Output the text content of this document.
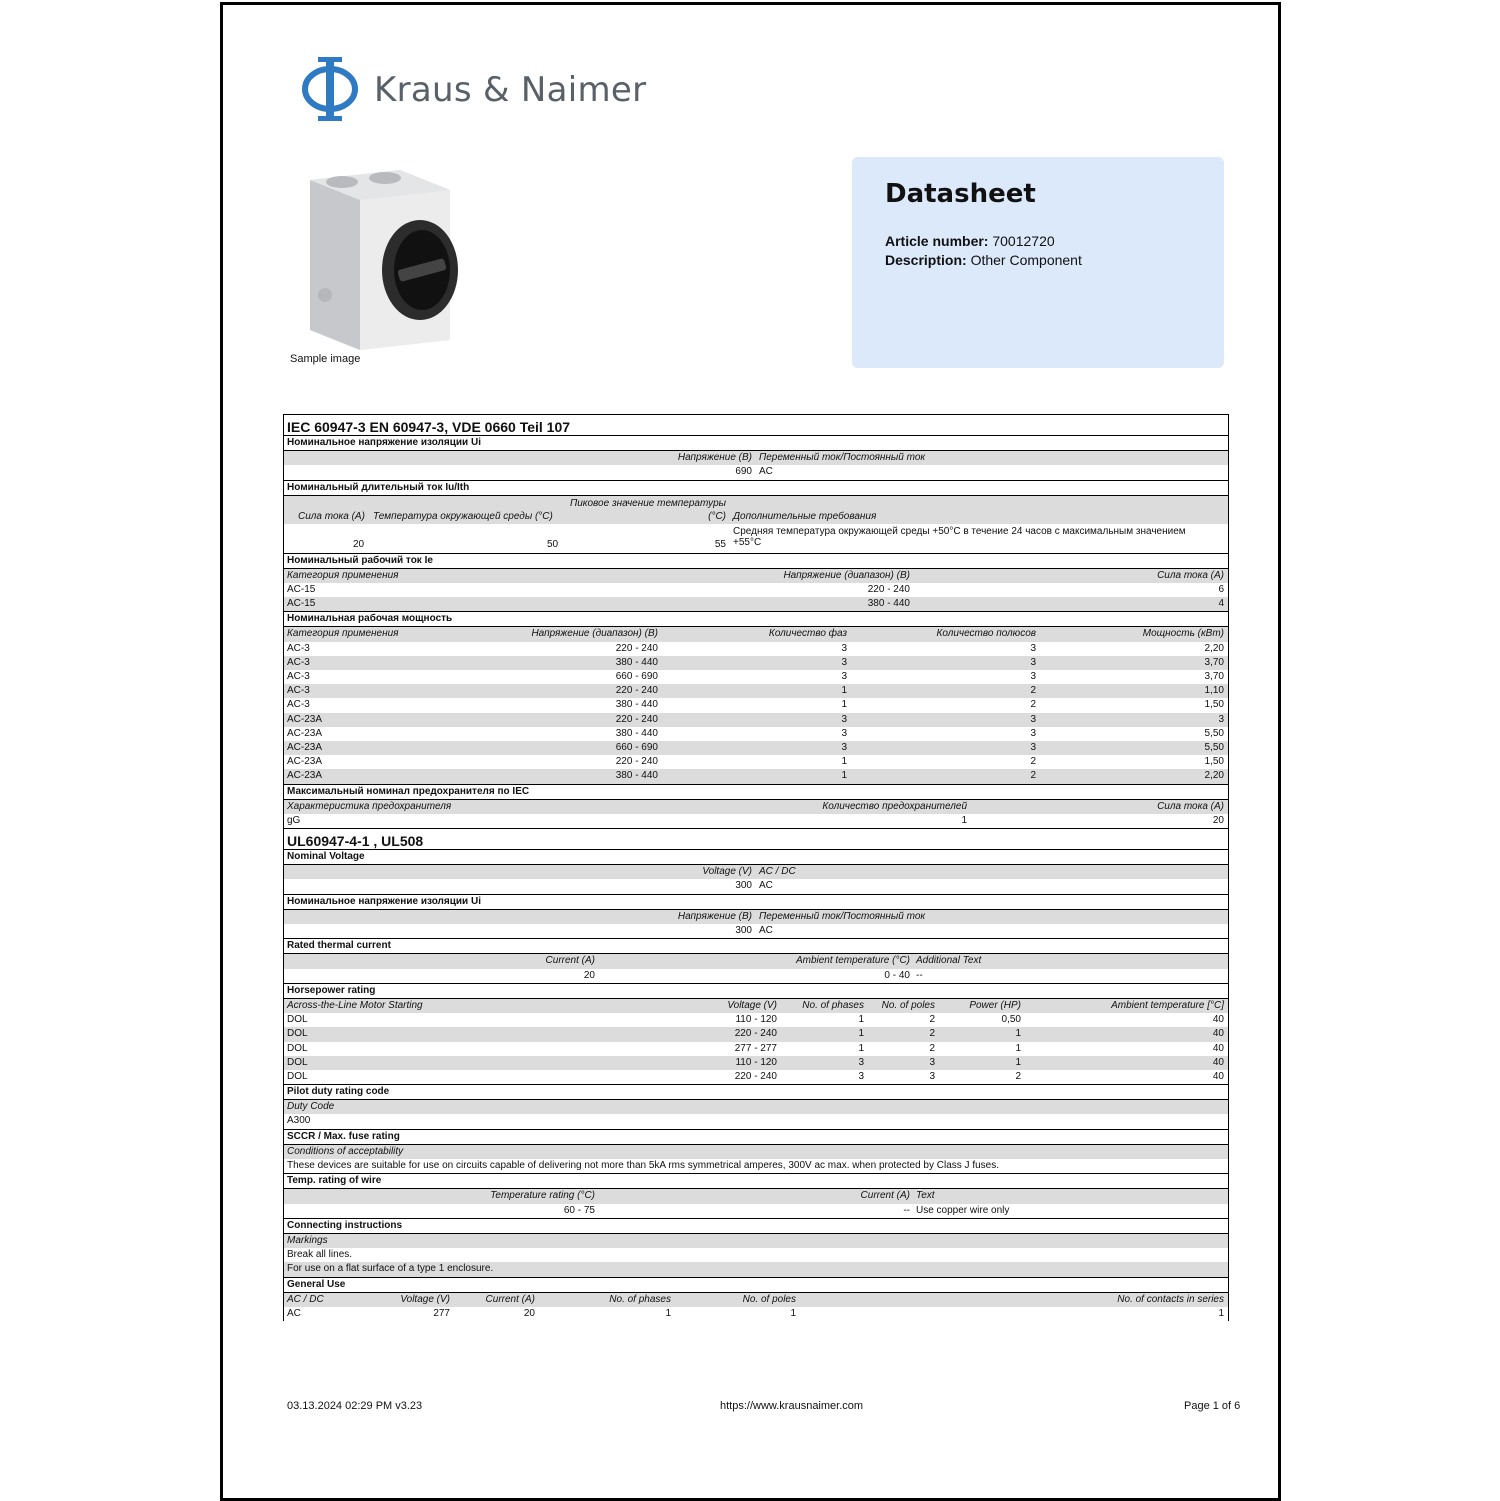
Kraus & Naimer
Sample image
Datasheet
Article number: 70012720
Description: Other Component
IEC 60947-3 EN 60947-3, VDE 0660 Teil 107
Номинальное напряжение изоляции Ui
Напряжение (В) Переменный ток/Постоянный ток
690 AC
Номинальный длительный ток Iu/Ith
Сила тока (А) Температура окружающей среды (°C)
Пиковое значение температуры
(°C) Дополнительные требования
20	50	55
Средняя температура окружающей среды +50°C в течение 24 часов с максимальным значением
+55°C
Номинальный рабочий ток Ie
Категория применения	Напряжение (диапазон) (В)	Сила тока (A)
AC-15	220 - 240	6
AC-15	380 - 440	4
Номинальная рабочая мощность
Категория применения	Напряжение (диапазон) (В)	Количество фаз	Количество полюсов	Мощность (кВт)
AC-3	220 - 240	3	3	2,20
AC-3	380 - 440	3	3	3,70
AC-3	660 - 690	3	3	3,70
AC-3	220 - 240	1	2	1,10
AC-3	380 - 440	1	2	1,50
AC-23A	220 - 240	3	3	3
AC-23A	380 - 440	3	3	5,50
AC-23A	660 - 690	3	3	5,50
AC-23A	220 - 240	1	2	1,50
AC-23A	380 - 440	1	2	2,20
Максимальный номинал предохранителя по IEC
Характеристика предохранителя	Количество предохранителей	Сила тока (A)
gG	1	20
UL60947-4-1 , UL508
Nominal Voltage
Voltage (V) AC / DC
300 AC
Номинальное напряжение изоляции Ui
Напряжение (В) Переменный ток/Постоянный ток
300 AC
Rated thermal current
Current (A)	Ambient temperature (°C) Additional Text
20	0 - 40 --
Horsepower rating
Across-the-Line Motor Starting	Voltage (V)	No. of phases No. of poles	Power (HP)	Ambient temperature [°C]
DOL	110 - 120	1	2	0,50	40
DOL	220 - 240	1	2	1	40
DOL	277 - 277	1	2	1	40
DOL	110 - 120	3	3	1	40
DOL	220 - 240	3	3	2	40
Pilot duty rating code
Duty Code
A300
SCCR / Max. fuse rating
Conditions of acceptability
These devices are suitable for use on circuits capable of delivering not more than 5kA rms symmetrical amperes, 300V ac max. when protected by Class J fuses.
Temp. rating of wire
Temperature rating (°C)	Current (A) Text
60 - 75	-- Use copper wire only
Connecting instructions
Markings
Break all lines.
For use on a flat surface of a type 1 enclosure.
General Use
AC / DC	Voltage (V)	Current (A)	No. of phases	No. of poles	No. of contacts in series
AC	277	20	1	1	1
03.13.2024 02:29 PM v3.23	https://www.krausnaimer.com	Page 1 of 6
